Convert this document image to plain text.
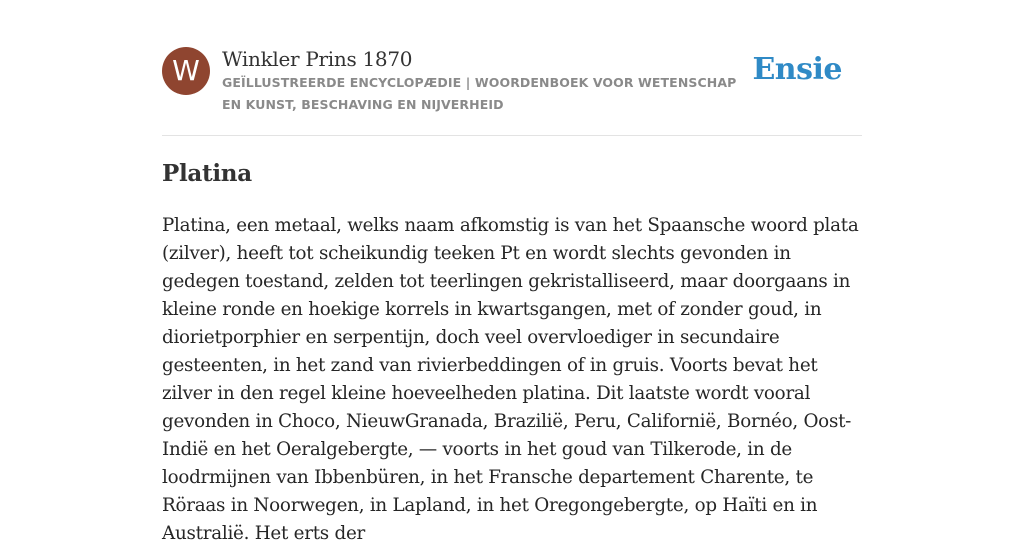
W	Winkler Prins 1870
GEÏLLUSTREERDE ENCYCLOPÆDIE | WOORDENBOEK VOOR WETENSCHAP EN KUNST, BESCHAVING EN NIJVERHEID
Ensie
Platina

Platina, een metaal, welks naam afkomstig is van het Spaansche woord plata (zilver), heeft tot scheikundig teeken Pt en wordt slechts gevonden in gedegen toestand, zelden tot teerlingen gekristalliseerd, maar doorgaans in kleine ronde en hoekige korrels in kwartsgangen, met of zonder goud, in diorietporphier en serpentijn, doch veel overvloediger in secundaire gesteenten, in het zand van rivierbeddingen of in gruis. Voorts bevat het zilver in den regel kleine hoeveelheden platina. Dit laatste wordt vooral gevonden in Choco, NieuwGranada, Brazilië, Peru, Californië, Bornéo, Oost-Indië en het Oeralgebergte, — voorts in het goud van Tilkerode, in de loodrmijnen van Ibbenbüren, in het Fransche departement Charente, te Röraas in Noorwegen, in Lapland, in het Oregongebergte, op Haïti en in Australië. Het erts der
